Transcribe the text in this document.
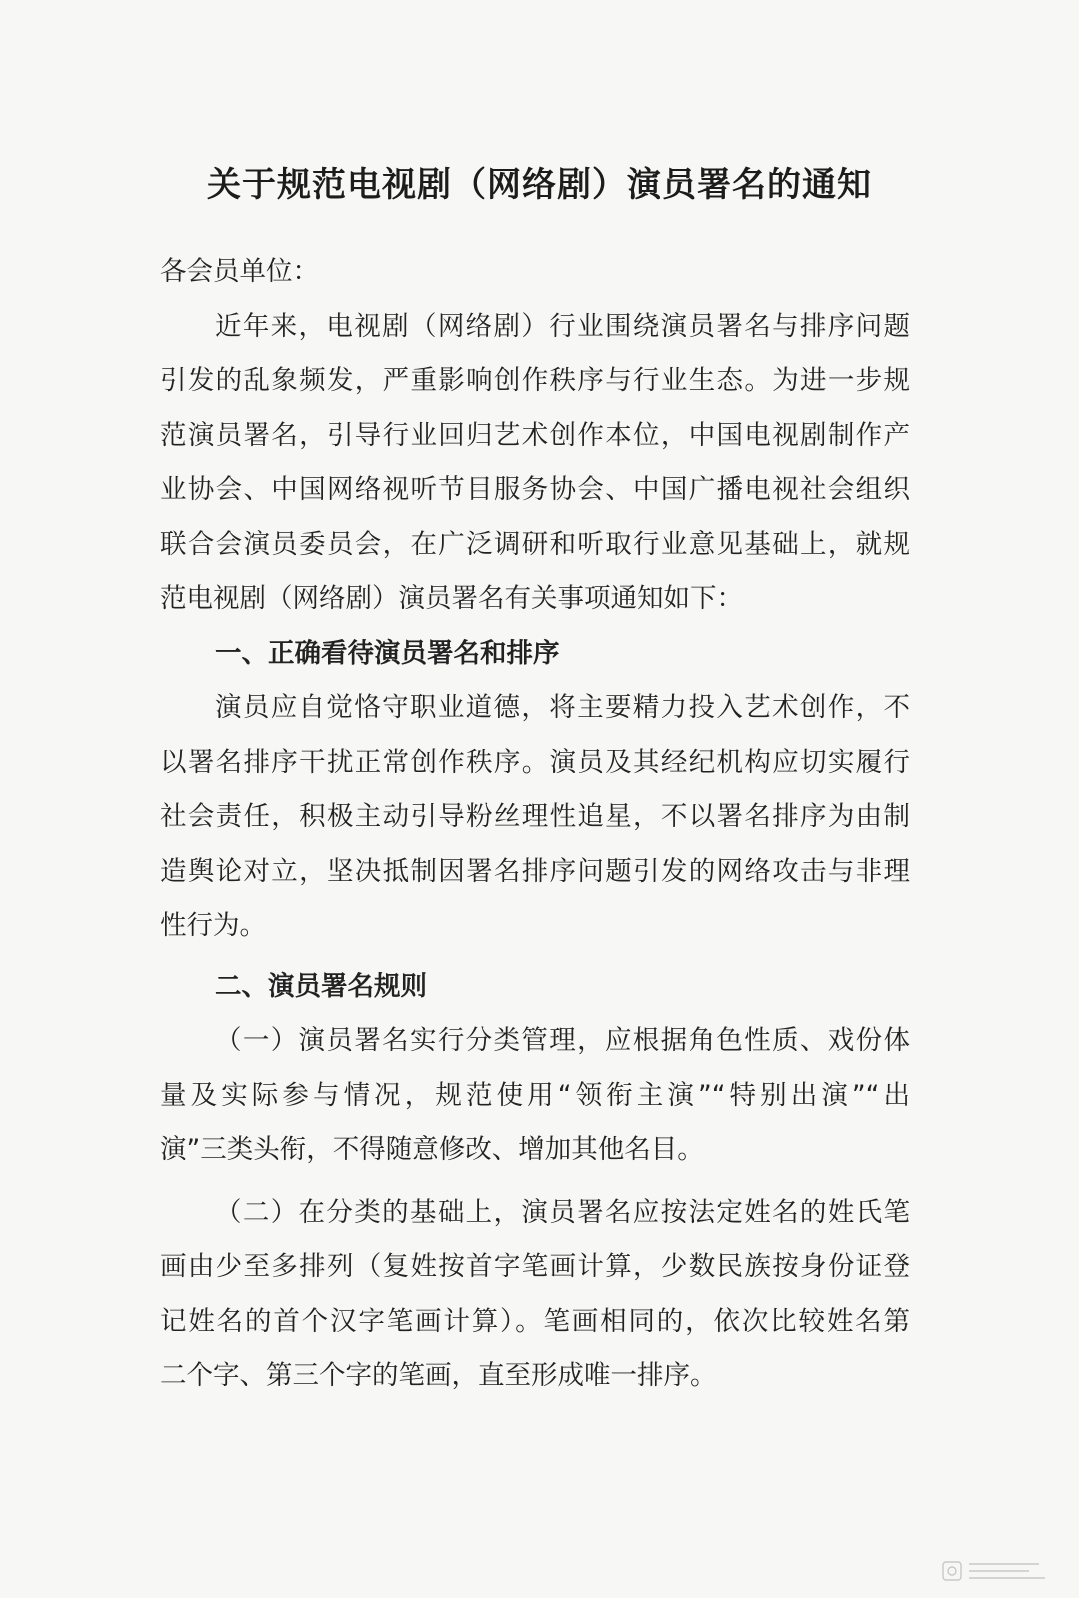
关于规范电视剧（网络剧）演员署名的通知
各会员单位：
近年来，电视剧（网络剧）行业围绕演员署名与排序问题
引发的乱象频发，严重影响创作秩序与行业生态。为进一步规
范演员署名，引导行业回归艺术创作本位，中国电视剧制作产
业协会、中国网络视听节目服务协会、中国广播电视社会组织
联合会演员委员会，在广泛调研和听取行业意见基础上，就规
范电视剧（网络剧）演员署名有关事项通知如下：
一、正确看待演员署名和排序
演员应自觉恪守职业道德，将主要精力投入艺术创作，不
以署名排序干扰正常创作秩序。演员及其经纪机构应切实履行
社会责任，积极主动引导粉丝理性追星，不以署名排序为由制
造舆论对立，坚决抵制因署名排序问题引发的网络攻击与非理
性行为。
二、演员署名规则
（一）演员署名实行分类管理，应根据角色性质、戏份体
量及实际参与情况，规范使用“领衔主演”“特别出演”“出
演”三类头衔，不得随意修改、增加其他名目。
（二）在分类的基础上，演员署名应按法定姓名的姓氏笔
画由少至多排列（复姓按首字笔画计算，少数民族按身份证登
记姓名的首个汉字笔画计算）。笔画相同的，依次比较姓名第
二个字、第三个字的笔画，直至形成唯一排序。
